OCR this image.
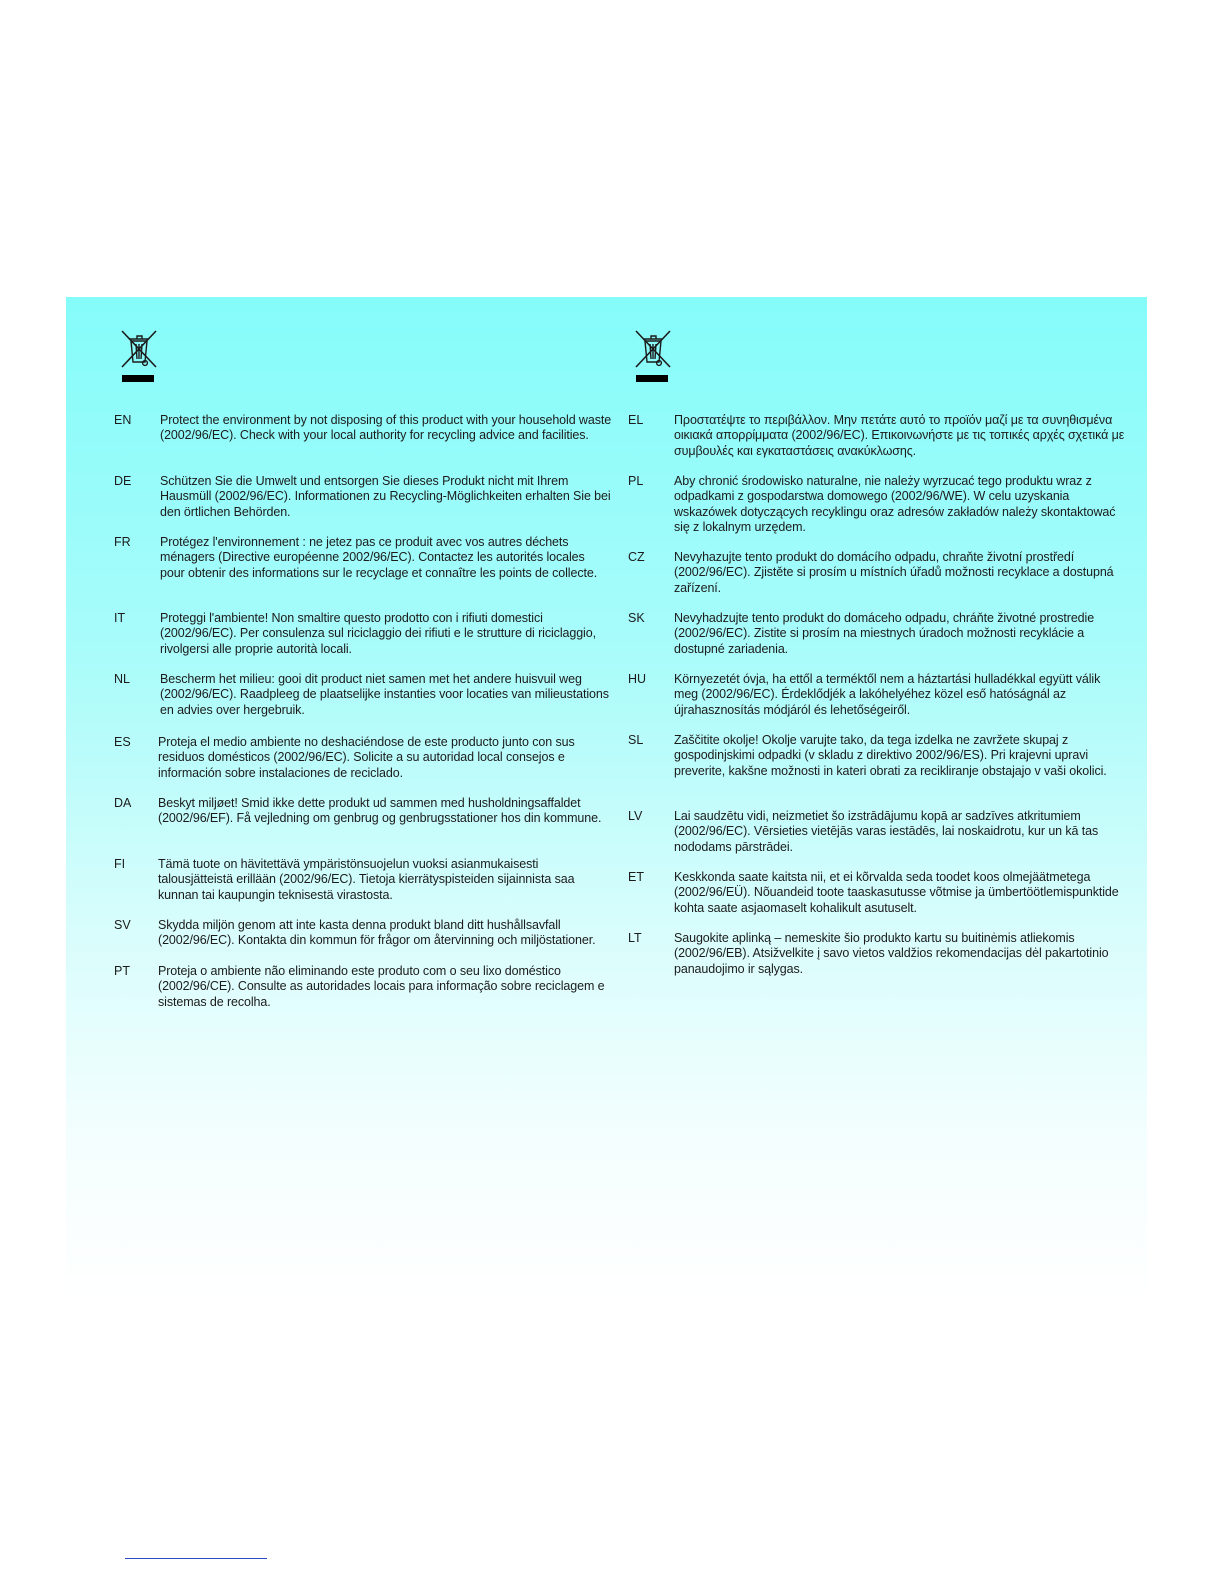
EN	Protect the environment by not disposing of this product with your household waste (2002/96/EC). Check with your local authority for recycling advice and facilities.
DE	Schützen Sie die Umwelt und entsorgen Sie dieses Produkt nicht mit Ihrem Hausmüll (2002/96/EC). Informationen zu Recycling-Möglichkeiten erhalten Sie bei den örtlichen Behörden.
FR	Protégez l'environnement : ne jetez pas ce produit avec vos autres déchets ménagers (Directive européenne 2002/96/EC). Contactez les autorités locales pour obtenir des informations sur le recyclage et connaître les points de collecte.
IT	Proteggi l'ambiente! Non smaltire questo prodotto con i rifiuti domestici (2002/96/EC). Per consulenza sul riciclaggio dei rifiuti e le strutture di riciclaggio, rivolgersi alle proprie autorità locali.
NL	Bescherm het milieu: gooi dit product niet samen met het andere huisvuil weg (2002/96/EC). Raadpleeg de plaatselijke instanties voor locaties van milieustations en advies over hergebruik.
ES	Proteja el medio ambiente no deshaciéndose de este producto junto con sus residuos domésticos (2002/96/EC). Solicite a su autoridad local consejos e información sobre instalaciones de reciclado.
DA	Beskyt miljøet! Smid ikke dette produkt ud sammen med husholdningsaffaldet (2002/96/EF). Få vejledning om genbrug og genbrugsstationer hos din kommune.
FI	Tämä tuote on hävitettävä ympäristönsuojelun vuoksi asianmukaisesti talousjätteistä erillään (2002/96/EC). Tietoja kierrätyspisteiden sijainnista saa kunnan tai kaupungin teknisestä virastosta.
SV	Skydda miljön genom att inte kasta denna produkt bland ditt hushållsavfall (2002/96/EC). Kontakta din kommun för frågor om återvinning och miljöstationer.
PT	Proteja o ambiente não eliminando este produto com o seu lixo doméstico (2002/96/CE). Consulte as autoridades locais para informação sobre reciclagem e sistemas de recolha.
EL	Προστατέψτε το περιβάλλον. Μην πετάτε αυτό το προϊόν μαζί με τα συνηθισμένα οικιακά απορρίμματα (2002/96/EC). Επικοινωνήστε με τις τοπικές αρχές σχετικά με συμβουλές και εγκαταστάσεις ανακύκλωσης.
PL	Aby chronić środowisko naturalne, nie należy wyrzucać tego produktu wraz z odpadkami z gospodarstwa domowego (2002/96/WE). W celu uzyskania wskazówek dotyczących recyklingu oraz adresów zakładów należy skontaktować się z lokalnym urzędem.
CZ	Nevyhazujte tento produkt do domácího odpadu, chraňte životní prostředí (2002/96/EC). Zjistěte si prosím u místních úřadů možnosti recyklace a dostupná zařízení.
SK	Nevyhadzujte tento produkt do domáceho odpadu, chráňte životné prostredie (2002/96/EC). Zistite si prosím na miestnych úradoch možnosti recyklácie a dostupné zariadenia.
HU	Környezetét óvja, ha ettől a terméktől nem a háztartási hulladékkal együtt válik meg (2002/96/EC). Érdeklődjék a lakóhelyéhez közel eső hatóságnál az újrahasznosítás módjáról és lehetőségeiről.
SL	Zaščitite okolje! Okolje varujte tako, da tega izdelka ne zavržete skupaj z gospodinjskimi odpadki (v skladu z direktivo 2002/96/ES). Pri krajevni upravi preverite, kakšne možnosti in kateri obrati za recikliranje obstajajo v vaši okolici.
LV	Lai saudzētu vidi, neizmetiet šo izstrādājumu kopā ar sadzīves atkritumiem (2002/96/EC). Vērsieties vietējās varas iestādēs, lai noskaidrotu, kur un kā tas nododams pārstrādei.
ET	Keskkonda saate kaitsta nii, et ei kõrvalda seda toodet koos olmejäätmetega (2002/96/EÜ). Nõuandeid toote taaskasutusse võtmise ja ümbertöötlemispunktide kohta saate asjaomaselt kohalikult asutuselt.
LT	Saugokite aplinką – nemeskite šio produkto kartu su buitinėmis atliekomis (2002/96/EB). Atsižvelkite į savo vietos valdžios rekomendacijas dėl pakartotinio panaudojimo ir sąlygas.
